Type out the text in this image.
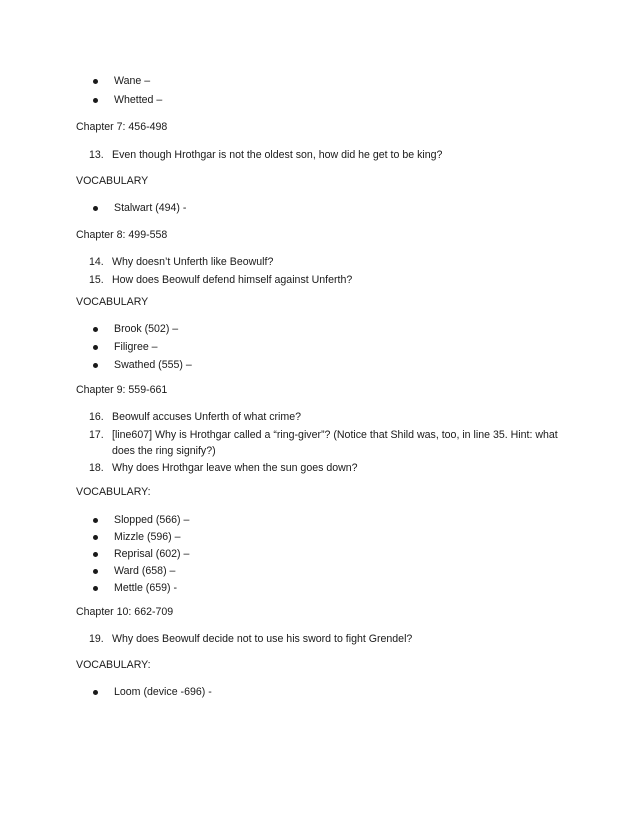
Wane –
Whetted –
Chapter 7: 456-498
13. Even though Hrothgar is not the oldest son, how did he get to be king?
VOCABULARY
Stalwart (494) -
Chapter 8: 499-558
14. Why doesn’t Unferth like Beowulf?
15. How does Beowulf defend himself against Unferth?
VOCABULARY
Brook (502) –
Filigree –
Swathed (555) –
Chapter 9: 559-661
16. Beowulf accuses Unferth of what crime?
17. [line607] Why is Hrothgar called a “ring-giver”? (Notice that Shild was, too, in line 35. Hint: what
does the ring signify?)
18. Why does Hrothgar leave when the sun goes down?
VOCABULARY:
Slopped (566) –
Mizzle (596) –
Reprisal (602) –
Ward (658) –
Mettle (659) -
Chapter 10: 662-709
19. Why does Beowulf decide not to use his sword to fight Grendel?
VOCABULARY:
Loom (device -696) -
